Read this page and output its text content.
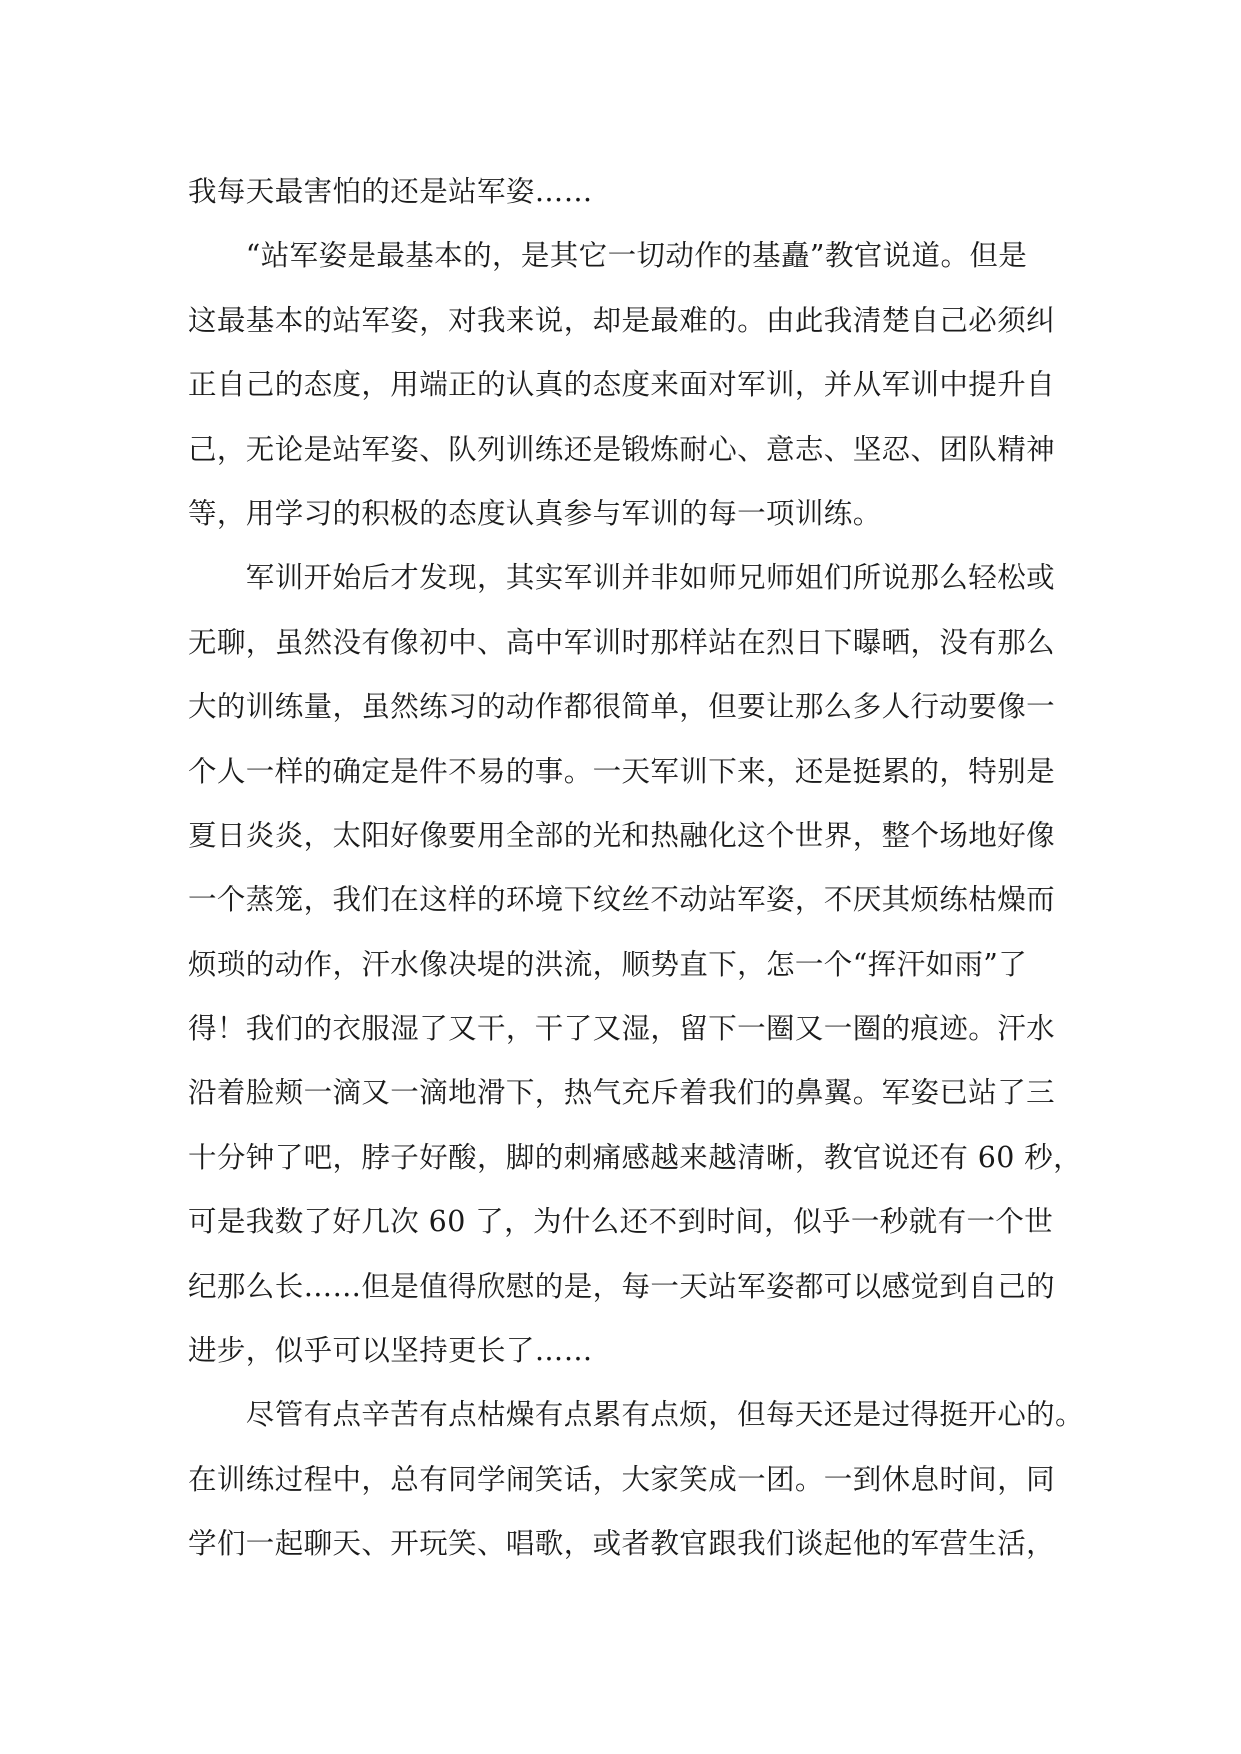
我每天最害怕的还是站军姿……
　　“站军姿是最基本的，是其它一切动作的基矗”教官说道。但是
这最基本的站军姿，对我来说，却是最难的。由此我清楚自己必须纠
正自己的态度，用端正的认真的态度来面对军训，并从军训中提升自
己，无论是站军姿、队列训练还是锻炼耐心、意志、坚忍、团队精神
等，用学习的积极的态度认真参与军训的每一项训练。
　　军训开始后才发现，其实军训并非如师兄师姐们所说那么轻松或
无聊，虽然没有像初中、高中军训时那样站在烈日下曝晒，没有那么
大的训练量，虽然练习的动作都很简单，但要让那么多人行动要像一
个人一样的确定是件不易的事。一天军训下来，还是挺累的，特别是
夏日炎炎，太阳好像要用全部的光和热融化这个世界，整个场地好像
一个蒸笼，我们在这样的环境下纹丝不动站军姿，不厌其烦练枯燥而
烦琐的动作，汗水像决堤的洪流，顺势直下，怎一个“挥汗如雨”了
得！我们的衣服湿了又干，干了又湿，留下一圈又一圈的痕迹。汗水
沿着脸颊一滴又一滴地滑下，热气充斥着我们的鼻翼。军姿已站了三
十分钟了吧，脖子好酸，脚的刺痛感越来越清晰，教官说还有 60 秒，
可是我数了好几次 60 了，为什么还不到时间，似乎一秒就有一个世
纪那么长……但是值得欣慰的是，每一天站军姿都可以感觉到自己的
进步，似乎可以坚持更长了……
　　尽管有点辛苦有点枯燥有点累有点烦，但每天还是过得挺开心的。
在训练过程中，总有同学闹笑话，大家笑成一团。一到休息时间，同
学们一起聊天、开玩笑、唱歌，或者教官跟我们谈起他的军营生活，
